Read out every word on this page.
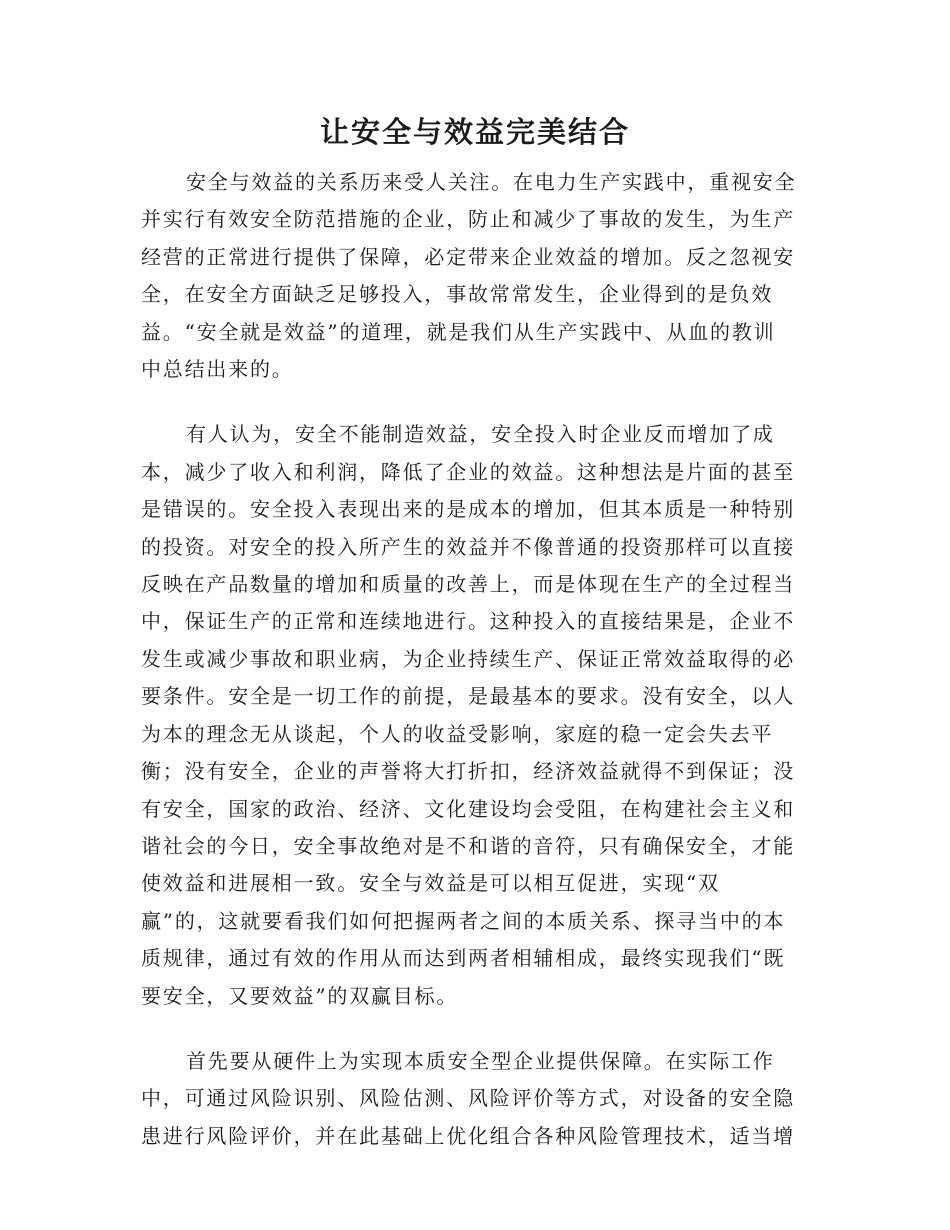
让安全与效益完美结合

安全与效益的关系历来受人关注。在电力生产实践中，重视安全
并实行有效安全防范措施的企业，防止和减少了事故的发生，为生产
经营的正常进行提供了保障，必定带来企业效益的增加。反之忽视安
全，在安全方面缺乏足够投入，事故常常发生，企业得到的是负效
益。“安全就是效益”的道理，就是我们从生产实践中、从血的教训
中总结出来的。

有人认为，安全不能制造效益，安全投入时企业反而增加了成
本，减少了收入和利润，降低了企业的效益。这种想法是片面的甚至
是错误的。安全投入表现出来的是成本的增加，但其本质是一种特别
的投资。对安全的投入所产生的效益并不像普通的投资那样可以直接
反映在产品数量的增加和质量的改善上，而是体现在生产的全过程当
中，保证生产的正常和连续地进行。这种投入的直接结果是，企业不
发生或减少事故和职业病，为企业持续生产、保证正常效益取得的必
要条件。安全是一切工作的前提，是最基本的要求。没有安全，以人
为本的理念无从谈起，个人的收益受影响，家庭的稳一定会失去平
衡；没有安全，企业的声誉将大打折扣，经济效益就得不到保证；没
有安全，国家的政治、经济、文化建设均会受阻，在构建社会主义和
谐社会的今日，安全事故绝对是不和谐的音符，只有确保安全，才能
使效益和进展相一致。安全与效益是可以相互促进，实现“双
赢”的，这就要看我们如何把握两者之间的本质关系、探寻当中的本
质规律，通过有效的作用从而达到两者相辅相成，最终实现我们“既
要安全，又要效益”的双赢目标。

首先要从硬件上为实现本质安全型企业提供保障。在实际工作
中，可通过风险识别、风险估测、风险评价等方式，对设备的安全隐
患进行风险评价，并在此基础上优化组合各种风险管理技术，适当增
